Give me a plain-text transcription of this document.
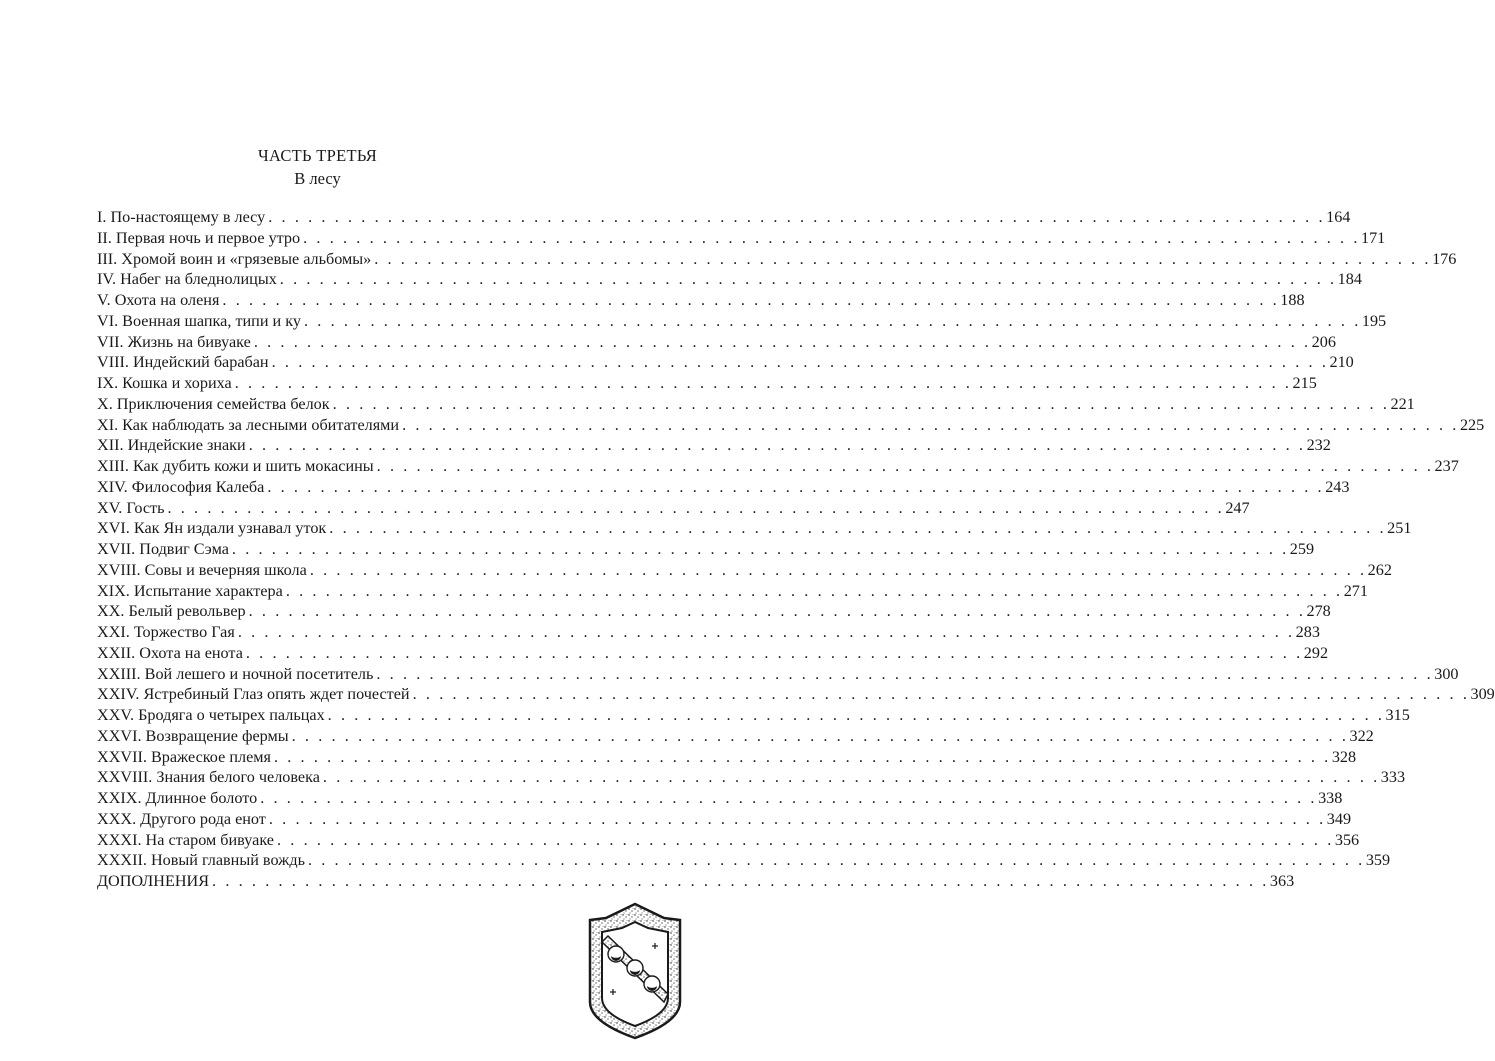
ЧАСТЬ ТРЕТЬЯ
В лесу
I. По-настоящему в лесу . . . . . . . . . . . . . . . . . . . . . . . . . . . . . . . . . . . . . . . . . . . . . . . . . . . . . . . . . . . . . . . . . . . . . . . . . . . . . . . . 164
II. Первая ночь и первое утро . . . . . . . . . . . . . . . . . . . . . . . . . . . . . . . . . . . . . . . . . . . . . . . . . . . . . . . . . . . . . . . . . . . . . . . . . . . . . . . . 171
III. Хромой воин и «грязевые альбомы» . . . . . . . . . . . . . . . . . . . . . . . . . . . . . . . . . . . . . . . . . . . . . . . . . . . . . . . . . . . . . . . . . . . . . . . . . . . . . . . . 176
IV. Набег на бледнолицых . . . . . . . . . . . . . . . . . . . . . . . . . . . . . . . . . . . . . . . . . . . . . . . . . . . . . . . . . . . . . . . . . . . . . . . . . . . . . . . . 184
V. Охота на оленя . . . . . . . . . . . . . . . . . . . . . . . . . . . . . . . . . . . . . . . . . . . . . . . . . . . . . . . . . . . . . . . . . . . . . . . . . . . . . . . . 188
VI. Военная шапка, типи и ку . . . . . . . . . . . . . . . . . . . . . . . . . . . . . . . . . . . . . . . . . . . . . . . . . . . . . . . . . . . . . . . . . . . . . . . . . . . . . . . . 195
VII. Жизнь на бивуаке . . . . . . . . . . . . . . . . . . . . . . . . . . . . . . . . . . . . . . . . . . . . . . . . . . . . . . . . . . . . . . . . . . . . . . . . . . . . . . . . 206
VIII. Индейский барабан . . . . . . . . . . . . . . . . . . . . . . . . . . . . . . . . . . . . . . . . . . . . . . . . . . . . . . . . . . . . . . . . . . . . . . . . . . . . . . . . 210
IX. Кошка и хориха . . . . . . . . . . . . . . . . . . . . . . . . . . . . . . . . . . . . . . . . . . . . . . . . . . . . . . . . . . . . . . . . . . . . . . . . . . . . . . . . 215
X. Приключения семейства белок . . . . . . . . . . . . . . . . . . . . . . . . . . . . . . . . . . . . . . . . . . . . . . . . . . . . . . . . . . . . . . . . . . . . . . . . . . . . . . . . 221
XI. Как наблюдать за лесными обитателями . . . . . . . . . . . . . . . . . . . . . . . . . . . . . . . . . . . . . . . . . . . . . . . . . . . . . . . . . . . . . . . . . . . . . . . . . . . . . . . . 225
XII. Индейские знаки . . . . . . . . . . . . . . . . . . . . . . . . . . . . . . . . . . . . . . . . . . . . . . . . . . . . . . . . . . . . . . . . . . . . . . . . . . . . . . . . 232
XIII. Как дубить кожи и шить мокасины . . . . . . . . . . . . . . . . . . . . . . . . . . . . . . . . . . . . . . . . . . . . . . . . . . . . . . . . . . . . . . . . . . . . . . . . . . . . . . . . 237
XIV. Философия Калеба . . . . . . . . . . . . . . . . . . . . . . . . . . . . . . . . . . . . . . . . . . . . . . . . . . . . . . . . . . . . . . . . . . . . . . . . . . . . . . . . 243
XV. Гость . . . . . . . . . . . . . . . . . . . . . . . . . . . . . . . . . . . . . . . . . . . . . . . . . . . . . . . . . . . . . . . . . . . . . . . . . . . . . . . . 247
XVI. Как Ян издали узнавал уток . . . . . . . . . . . . . . . . . . . . . . . . . . . . . . . . . . . . . . . . . . . . . . . . . . . . . . . . . . . . . . . . . . . . . . . . . . . . . . . . 251
XVII. Подвиг Сэма . . . . . . . . . . . . . . . . . . . . . . . . . . . . . . . . . . . . . . . . . . . . . . . . . . . . . . . . . . . . . . . . . . . . . . . . . . . . . . . . 259
XVIII. Совы и вечерняя школа . . . . . . . . . . . . . . . . . . . . . . . . . . . . . . . . . . . . . . . . . . . . . . . . . . . . . . . . . . . . . . . . . . . . . . . . . . . . . . . . 262
XIX. Испытание характера . . . . . . . . . . . . . . . . . . . . . . . . . . . . . . . . . . . . . . . . . . . . . . . . . . . . . . . . . . . . . . . . . . . . . . . . . . . . . . . . 271
XX. Белый револьвер . . . . . . . . . . . . . . . . . . . . . . . . . . . . . . . . . . . . . . . . . . . . . . . . . . . . . . . . . . . . . . . . . . . . . . . . . . . . . . . . 278
XXI. Торжество Гая . . . . . . . . . . . . . . . . . . . . . . . . . . . . . . . . . . . . . . . . . . . . . . . . . . . . . . . . . . . . . . . . . . . . . . . . . . . . . . . . 283
XXII. Охота на енота . . . . . . . . . . . . . . . . . . . . . . . . . . . . . . . . . . . . . . . . . . . . . . . . . . . . . . . . . . . . . . . . . . . . . . . . . . . . . . . . 292
XXIII. Вой лешего и ночной посетитель . . . . . . . . . . . . . . . . . . . . . . . . . . . . . . . . . . . . . . . . . . . . . . . . . . . . . . . . . . . . . . . . . . . . . . . . . . . . . . . . 300
XXIV. Ястребиный Глаз опять ждет почестей . . . . . . . . . . . . . . . . . . . . . . . . . . . . . . . . . . . . . . . . . . . . . . . . . . . . . . . . . . . . . . . . . . . . . . . . . . . . . . . . 309
XXV. Бродяга о четырех пальцах . . . . . . . . . . . . . . . . . . . . . . . . . . . . . . . . . . . . . . . . . . . . . . . . . . . . . . . . . . . . . . . . . . . . . . . . . . . . . . . . 315
XXVI. Возвращение фермы . . . . . . . . . . . . . . . . . . . . . . . . . . . . . . . . . . . . . . . . . . . . . . . . . . . . . . . . . . . . . . . . . . . . . . . . . . . . . . . . 322
XXVII. Вражеское племя . . . . . . . . . . . . . . . . . . . . . . . . . . . . . . . . . . . . . . . . . . . . . . . . . . . . . . . . . . . . . . . . . . . . . . . . . . . . . . . . 328
XXVIII. Знания белого человека . . . . . . . . . . . . . . . . . . . . . . . . . . . . . . . . . . . . . . . . . . . . . . . . . . . . . . . . . . . . . . . . . . . . . . . . . . . . . . . . 333
XXIX. Длинное болото . . . . . . . . . . . . . . . . . . . . . . . . . . . . . . . . . . . . . . . . . . . . . . . . . . . . . . . . . . . . . . . . . . . . . . . . . . . . . . . . 338
XXX. Другого рода енот . . . . . . . . . . . . . . . . . . . . . . . . . . . . . . . . . . . . . . . . . . . . . . . . . . . . . . . . . . . . . . . . . . . . . . . . . . . . . . . . 349
XXXI. На старом бивуаке . . . . . . . . . . . . . . . . . . . . . . . . . . . . . . . . . . . . . . . . . . . . . . . . . . . . . . . . . . . . . . . . . . . . . . . . . . . . . . . . 356
XXXII. Новый главный вождь . . . . . . . . . . . . . . . . . . . . . . . . . . . . . . . . . . . . . . . . . . . . . . . . . . . . . . . . . . . . . . . . . . . . . . . . . . . . . . . . 359
ДОПОЛНЕНИЯ . . . . . . . . . . . . . . . . . . . . . . . . . . . . . . . . . . . . . . . . . . . . . . . . . . . . . . . . . . . . . . . . . . . . . . . . . . . . . . . . 363
